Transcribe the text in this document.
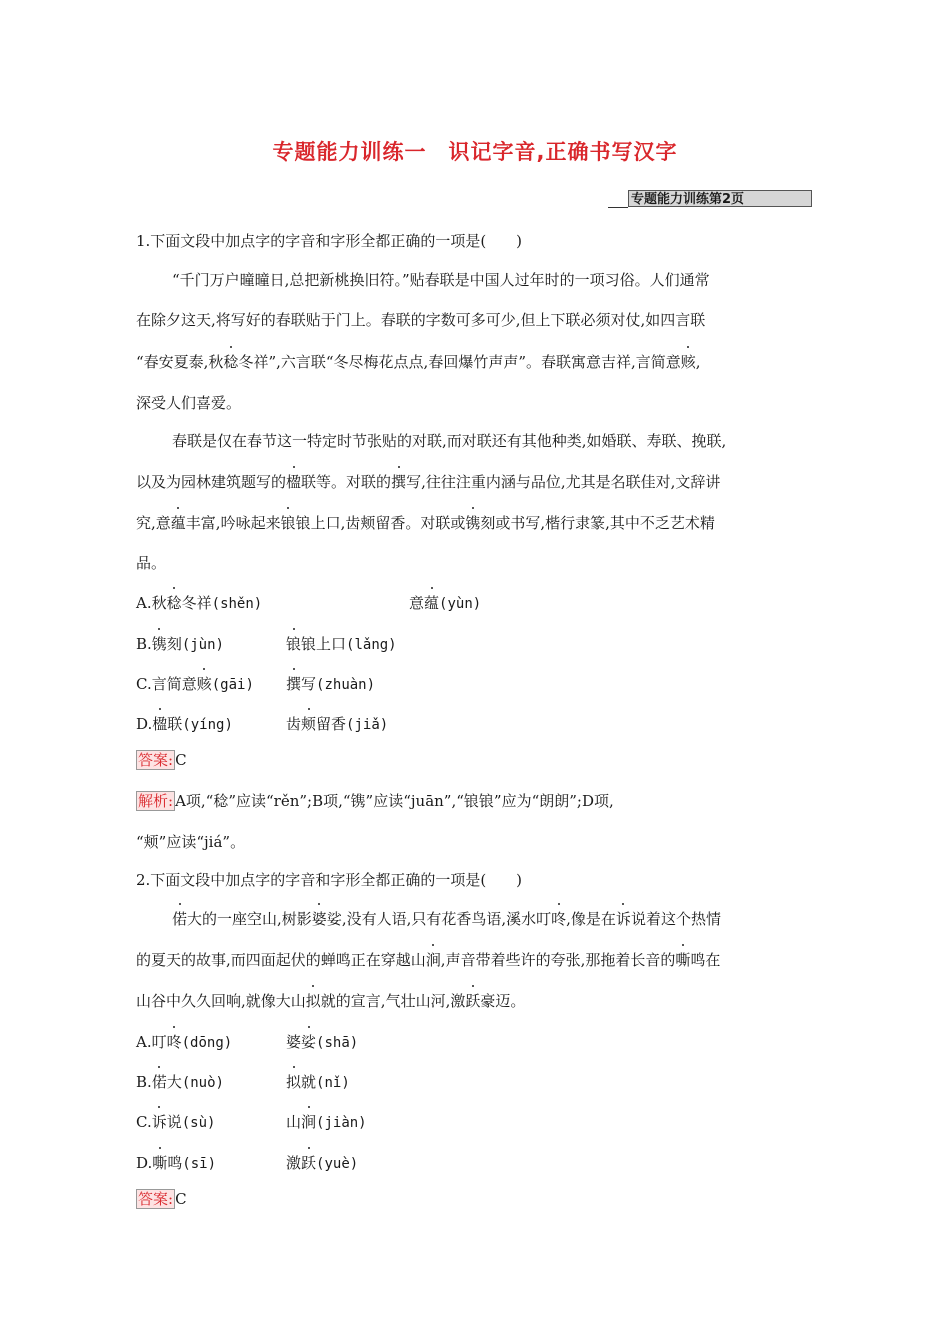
专题能力训练一　识记字音,正确书写汉字
专题能力训练第2页
1.下面文段中加点字的字音和字形全都正确的一项是(　　)
“千门万户曈曈日,总把新桃换旧符。”贴春联是中国人过年时的一项习俗。人们通常
在除夕这天,将写好的春联贴于门上。春联的字数可多可少,但上下联必须对仗,如四言联
“春安夏泰,秋稔冬祥”,六言联“冬尽梅花点点,春回爆竹声声”。春联寓意吉祥,言简意赅,
深受人们喜爱。
春联是仅在春节这一特定时节张贴的对联,而对联还有其他种类,如婚联、寿联、挽联,
以及为园林建筑题写的楹联等。对联的撰写,往往注重内涵与品位,尤其是名联佳对,文辞讲
究,意蕴丰富,吟咏起来锒锒上口,齿颊留香。对联或镌刻或书写,楷行隶篆,其中不乏艺术精
品。
A.秋稔冬祥(shěn)	意蕴(yùn)
B.镌刻(jùn)	锒锒上口(lǎng)
C.言简意赅(gāi) 撰写(zhuàn)
D.楹联(yíng)	齿颊留香(jiǎ)
答案: C
解析: A项,“稔”应读“rěn”;B项,“镌”应读“juān”,“锒锒”应为“朗朗”;D项,
“颊”应读“jiá”。
2.下面文段中加点字的字音和字形全都正确的一项是(　　)
偌大的一座空山,树影婆娑,没有人语,只有花香鸟语,溪水叮咚,像是在诉说着这个热情
的夏天的故事,而四面起伏的蝉鸣正在穿越山涧,声音带着些许的夸张,那拖着长音的嘶鸣在
山谷中久久回响,就像大山拟就的宣言,气壮山河,激跃豪迈。
A.叮咚(dōng)	婆娑(shā)
B.偌大(nuò)	拟就(nǐ)
C.诉说(sù)	山涧(jiàn)
D.嘶鸣(sī)	激跃(yuè)
答案: C
